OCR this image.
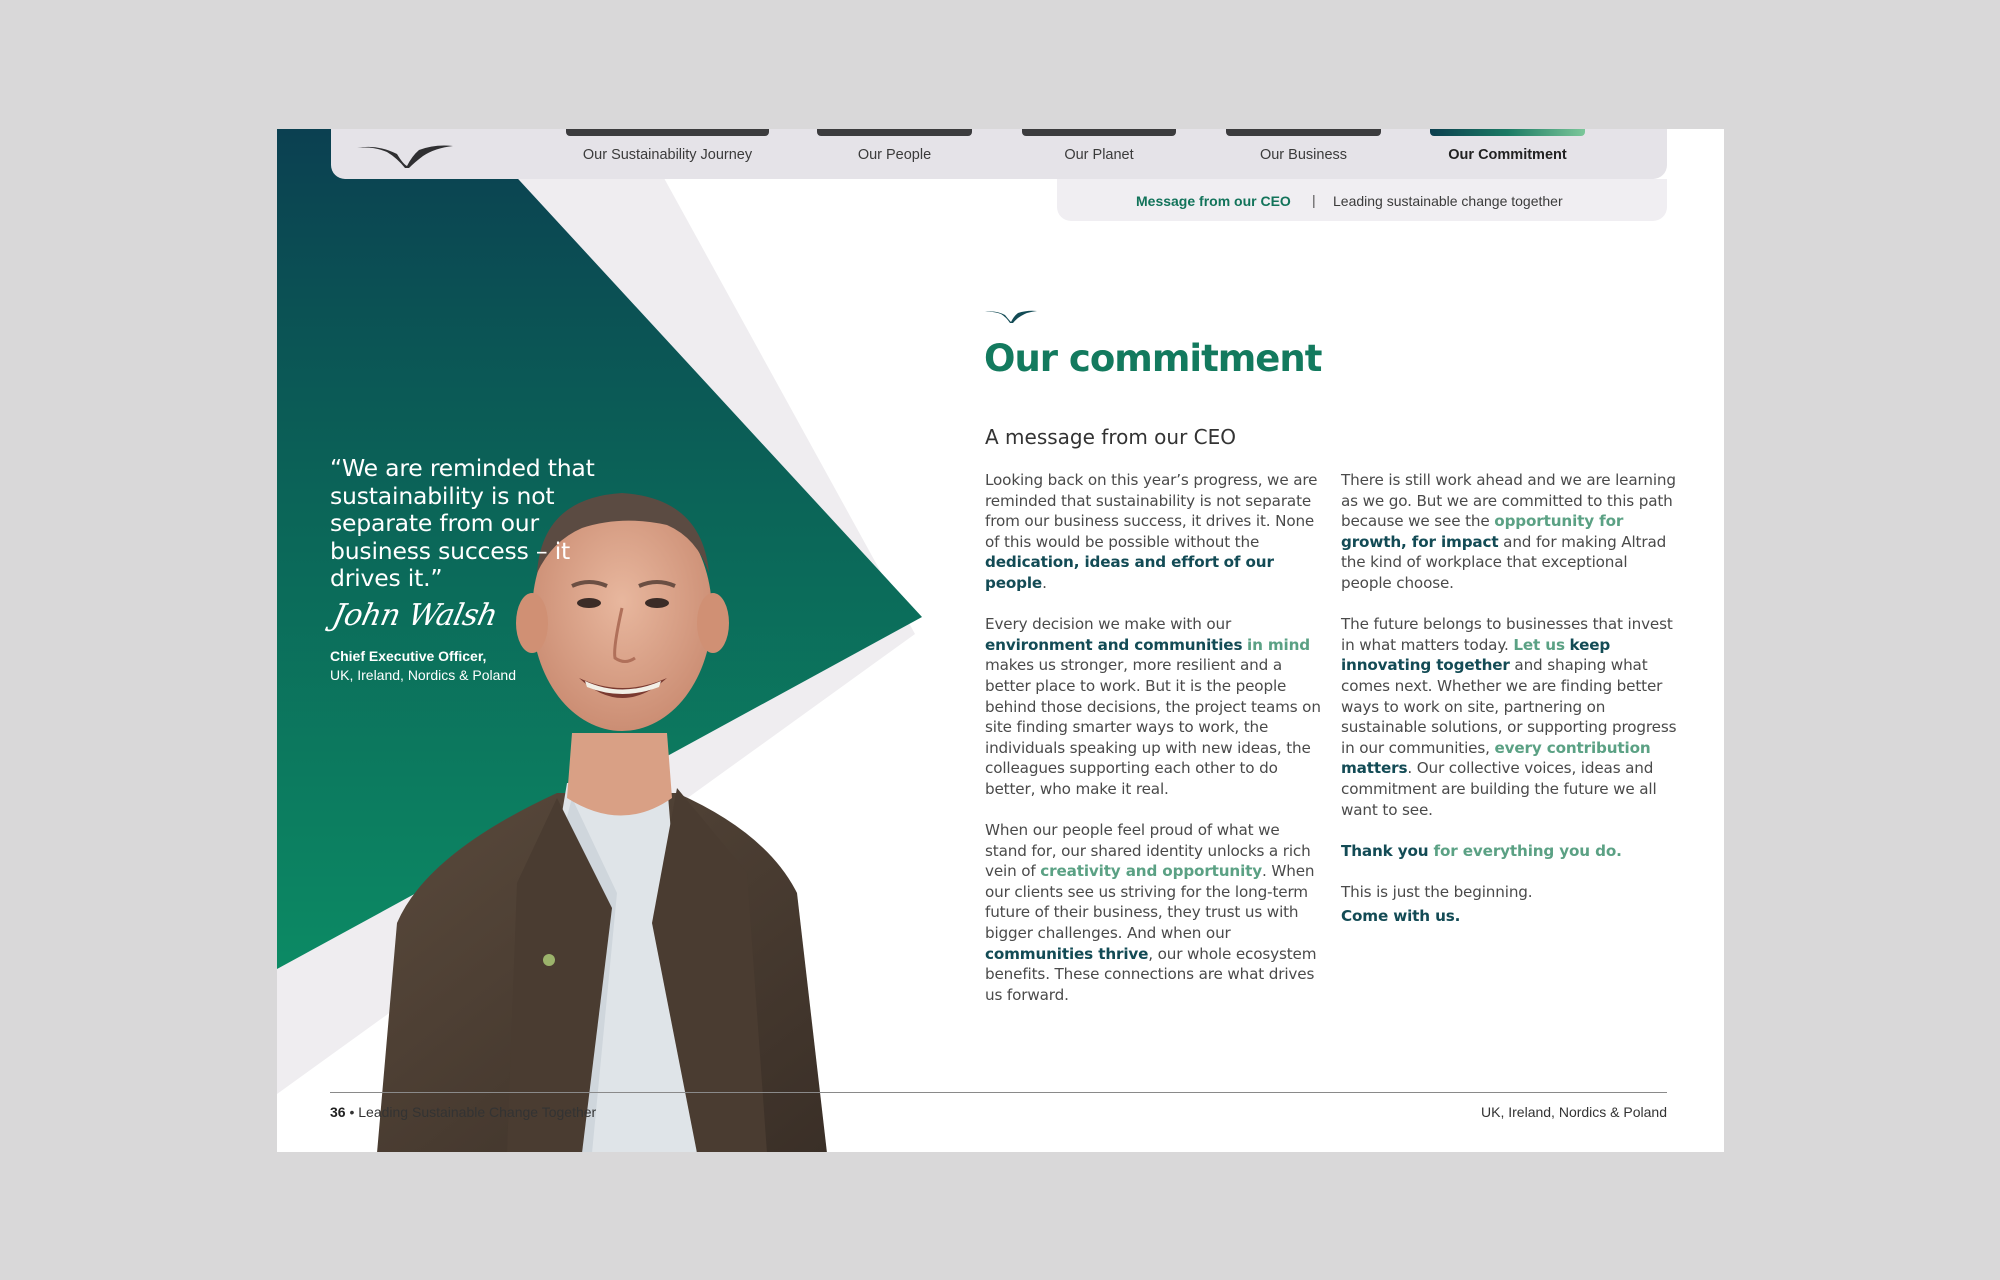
“We are reminded that sustainability is not separate from our business success – it drives it.”
John Walsh
Chief Executive Officer,
UK, Ireland, Nordics & Poland
Our Sustainability Journey	Our People	Our Planet	Our Business	Our Commitment
Message from our CEO | Leading sustainable change together
Our commitment
A message from our CEO

Looking back on this year’s progress, we are reminded that sustainability is not separate from our business success, it drives it. None of this would be possible without the dedication, ideas and effort of our people.

Every decision we make with our environment and communities in mind makes us stronger, more resilient and a better place to work. But it is the people behind those decisions, the project teams on site finding smarter ways to work, the individuals speaking up with new ideas, the colleagues supporting each other to do better, who make it real.

When our people feel proud of what we stand for, our shared identity unlocks a rich vein of creativity and opportunity. When our clients see us striving for the long-term future of their business, they trust us with bigger challenges. And when our communities thrive, our whole ecosystem benefits. These connections are what drives us forward.

There is still work ahead and we are learning as we go. But we are committed to this path because we see the opportunity for growth, for impact and for making Altrad the kind of workplace that exceptional people choose.

The future belongs to businesses that invest in what matters today. Let us keep innovating together and shaping what comes next. Whether we are finding better ways to work on site, partnering on sustainable solutions, or supporting progress in our communities, every contribution matters. Our collective voices, ideas and commitment are building the future we all want to see.

Thank you for everything you do.

This is just the beginning.

Come with us.

36 • Leading Sustainable Change Together	UK, Ireland, Nordics & Poland
